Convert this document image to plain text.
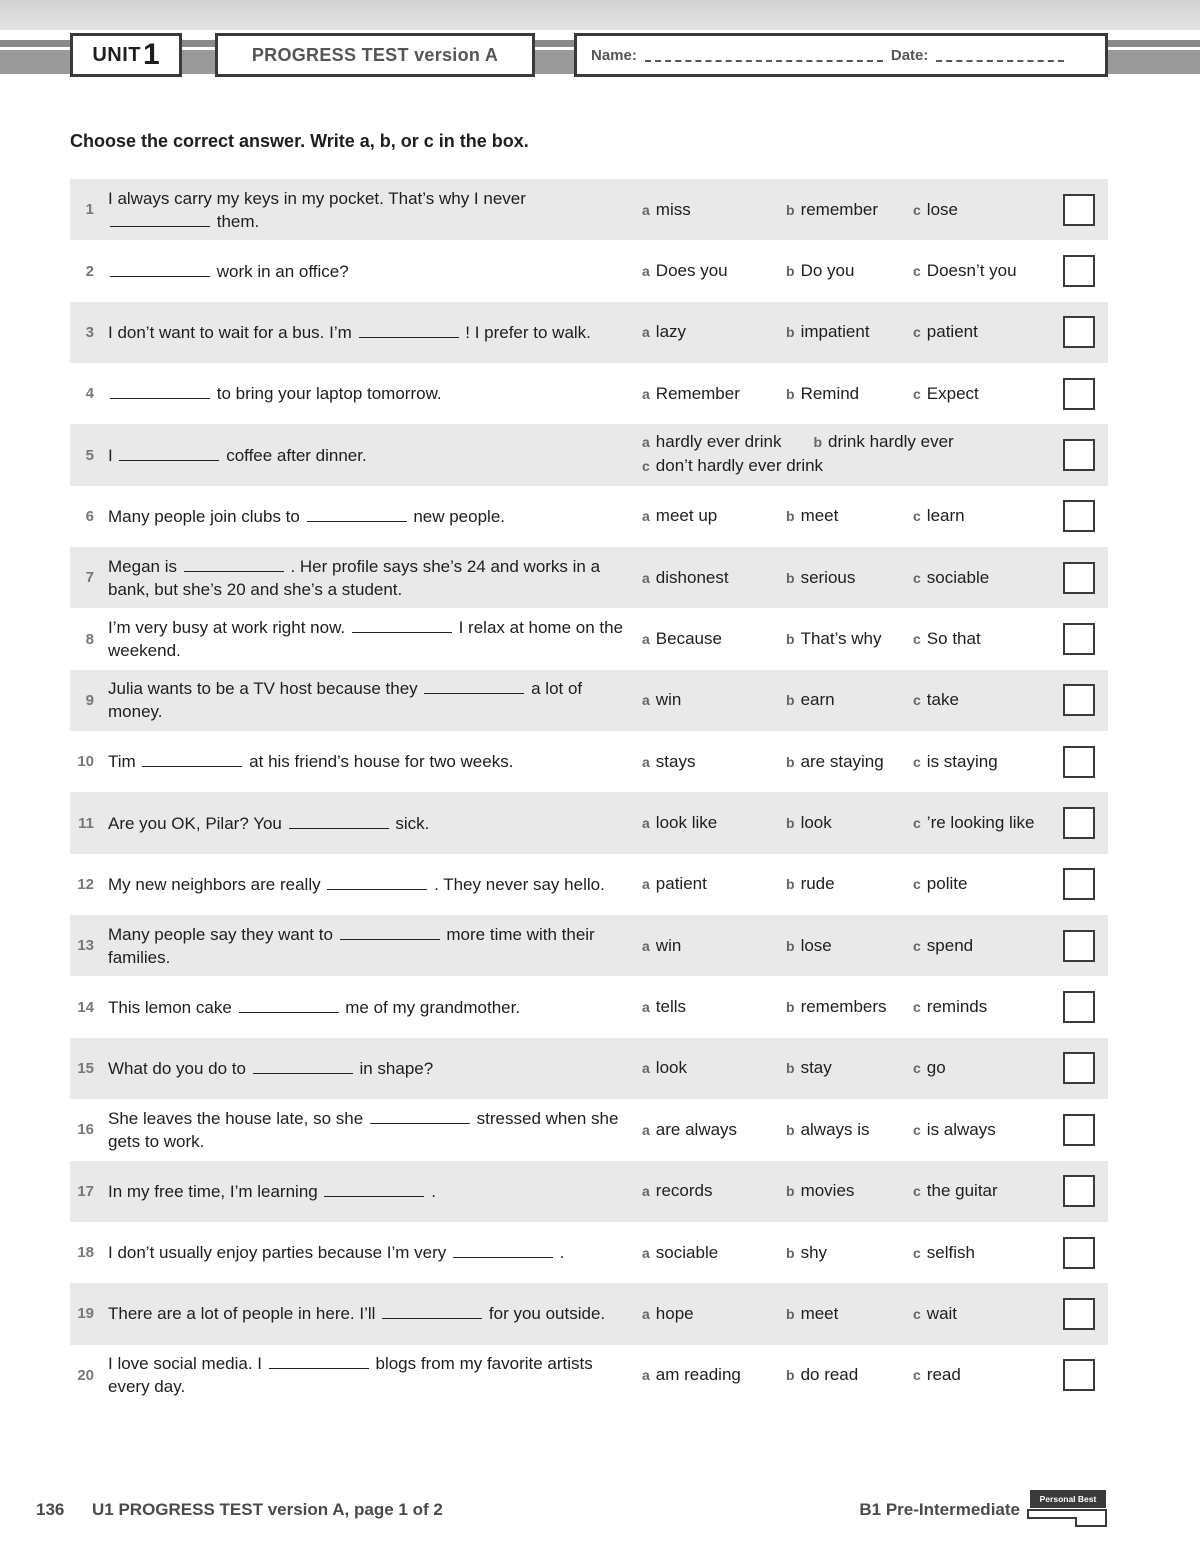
UNIT 1	PROGRESS TEST version A	Name:	Date:
Choose the correct answer. Write a, b, or c in the box.
1
I always carry my keys in my pocket. That’s why I never
them.
a miss	b remember c lose
2	work in an office?	a Does you	b Do you	c Doesn’t you
3 I don’t want to wait for a bus. I’m	! I prefer to walk.	a lazy	b impatient	c patient
4	to bring your laptop tomorrow.	a Remember	b Remind	c Expect
5 I	coffee after dinner.
a hardly ever drink b drink hardly ever
c don’t hardly ever drink
6 Many people join clubs to	new people.	a meet up	b meet	c learn
7
Megan is	. Her profile says she’s 24 and works in a bank, but she’s 20 and she’s a student.
a dishonest	b serious	c sociable
8
I’m very busy at work right now.	I relax at home on the weekend.
a Because	b That’s why c So that
9
Julia wants to be a TV host because they	a lot of money.
a win	b earn	c take
10 Tim	at his friend’s house for two weeks.	a stays	b are staying c is staying
11 Are you OK, Pilar? You	sick.	a look like	b look	c ’re looking like
12 My new neighbors are really	. They never say hello.	a patient	b rude	c polite
13
Many people say they want to	more time with their families.
a win	b lose	c spend
14 This lemon cake	me of my grandmother.	a tells	b remembers c reminds
15 What do you do to	in shape?	a look	b stay	c go
16
She leaves the house late, so she	stressed when she gets to work.
a are always	b always is	c is always
17 In my free time, I’m learning	.	a records	b movies	c the guitar
18 I don’t usually enjoy parties because I’m very	.	a sociable	b shy	c selfish
19 There are a lot of people in here. I’ll	for you outside.	a hope	b meet	c wait
20
I love social media. I	blogs from my favorite artists every day.
a am reading	b do read	c read
136 U1 PROGRESS TEST version A, page 1 of 2	B1 Pre-Intermediate
Personal Best
